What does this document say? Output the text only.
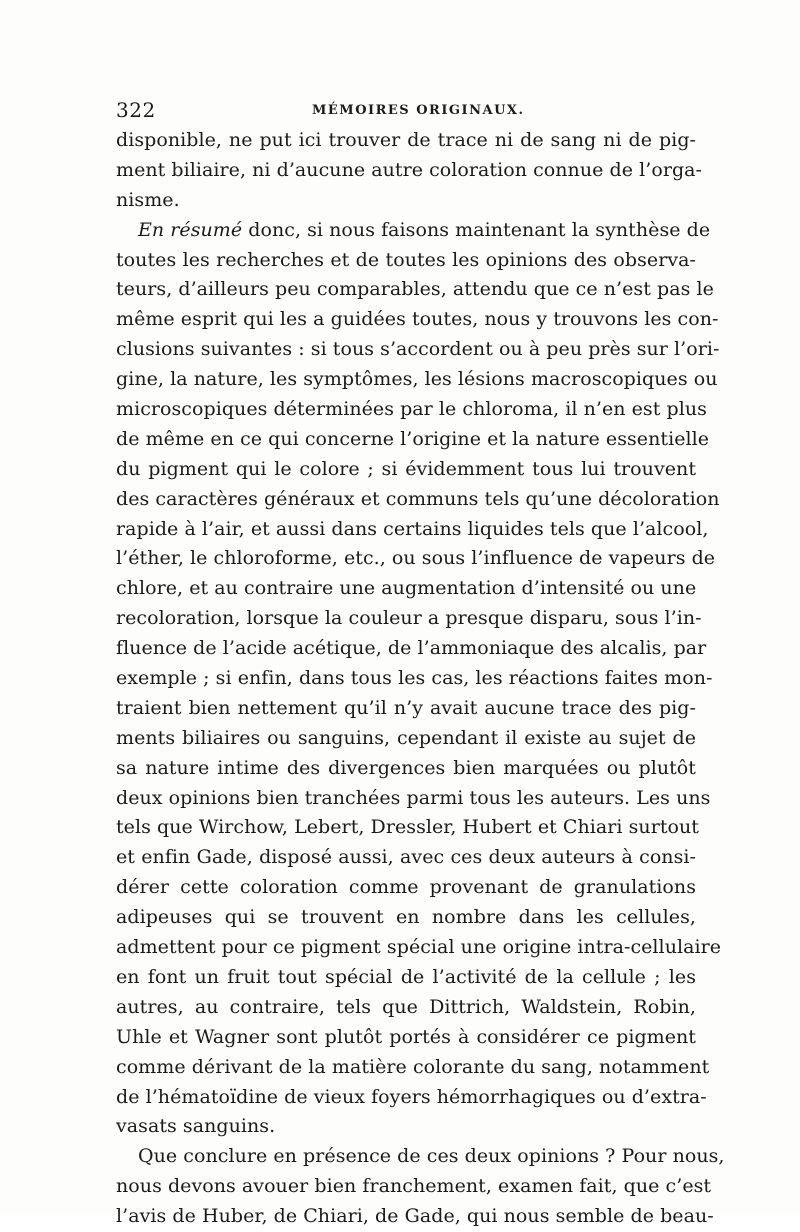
322	MÉMOIRES ORIGINAUX.
disponible, ne put ici trouver de trace ni de sang ni de pig-
ment biliaire, ni d’aucune autre coloration connue de l’orga-
nisme.
En résumé donc, si nous faisons maintenant la synthèse de
toutes les recherches et de toutes les opinions des observa-
teurs, d’ailleurs peu comparables, attendu que ce n’est pas le
même esprit qui les a guidées toutes, nous y trouvons les con-
clusions suivantes : si tous s’accordent ou à peu près sur l’ori-
gine, la nature, les symptômes, les lésions macroscopiques ou
microscopiques déterminées par le chloroma, il n’en est plus
de même en ce qui concerne l’origine et la nature essentielle
du pigment qui le colore ; si évidemment tous lui trouvent
des caractères généraux et communs tels qu’une décoloration
rapide à l’air, et aussi dans certains liquides tels que l’alcool,
l’éther, le chloroforme, etc., ou sous l’influence de vapeurs de
chlore, et au contraire une augmentation d’intensité ou une
recoloration, lorsque la couleur a presque disparu, sous l’in-
fluence de l’acide acétique, de l’ammoniaque des alcalis, par
exemple ; si enfin, dans tous les cas, les réactions faites mon-
traient bien nettement qu’il n’y avait aucune trace des pig-
ments biliaires ou sanguins, cependant il existe au sujet de
sa nature intime des divergences bien marquées ou plutôt
deux opinions bien tranchées parmi tous les auteurs. Les uns
tels que Wirchow, Lebert, Dressler, Hubert et Chiari surtout
et enfin Gade, disposé aussi, avec ces deux auteurs à consi-
dérer cette coloration comme provenant de granulations
adipeuses qui se trouvent en nombre dans les cellules,
admettent pour ce pigment spécial une origine intra-cellulaire
en font un fruit tout spécial de l’activité de la cellule ; les
autres, au contraire, tels que Dittrich, Waldstein, Robin,
Uhle et Wagner sont plutôt portés à considérer ce pigment
comme dérivant de la matière colorante du sang, notamment
de l’hématoïdine de vieux foyers hémorrhagiques ou d’extra-
vasats sanguins.
Que conclure en présence de ces deux opinions ? Pour nous,
nous devons avouer bien franchement, examen fait, que c’est
l’avis de Huber, de Chiari, de Gade, qui nous semble de beau-
